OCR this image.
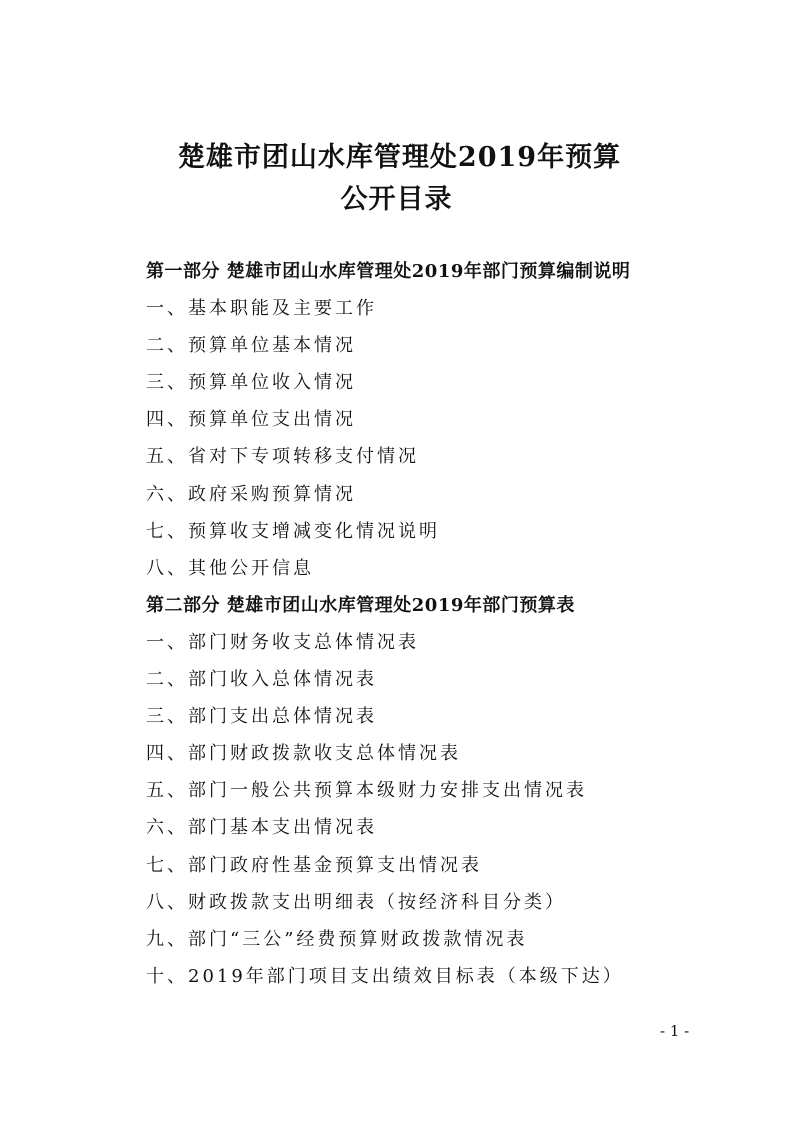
楚雄市团山水库管理处2019年预算
公开目录
第一部分 楚雄市团山水库管理处2019年部门预算编制说明
一、基本职能及主要工作
二、预算单位基本情况
三、预算单位收入情况
四、预算单位支出情况
五、省对下专项转移支付情况
六、政府采购预算情况
七、预算收支增减变化情况说明
八、其他公开信息
第二部分 楚雄市团山水库管理处2019年部门预算表
一、部门财务收支总体情况表
二、部门收入总体情况表
三、部门支出总体情况表
四、部门财政拨款收支总体情况表
五、部门一般公共预算本级财力安排支出情况表
六、部门基本支出情况表
七、部门政府性基金预算支出情况表
八、财政拨款支出明细表（按经济科目分类）
九、部门“三公”经费预算财政拨款情况表
十、2019年部门项目支出绩效目标表（本级下达）
- 1 -
